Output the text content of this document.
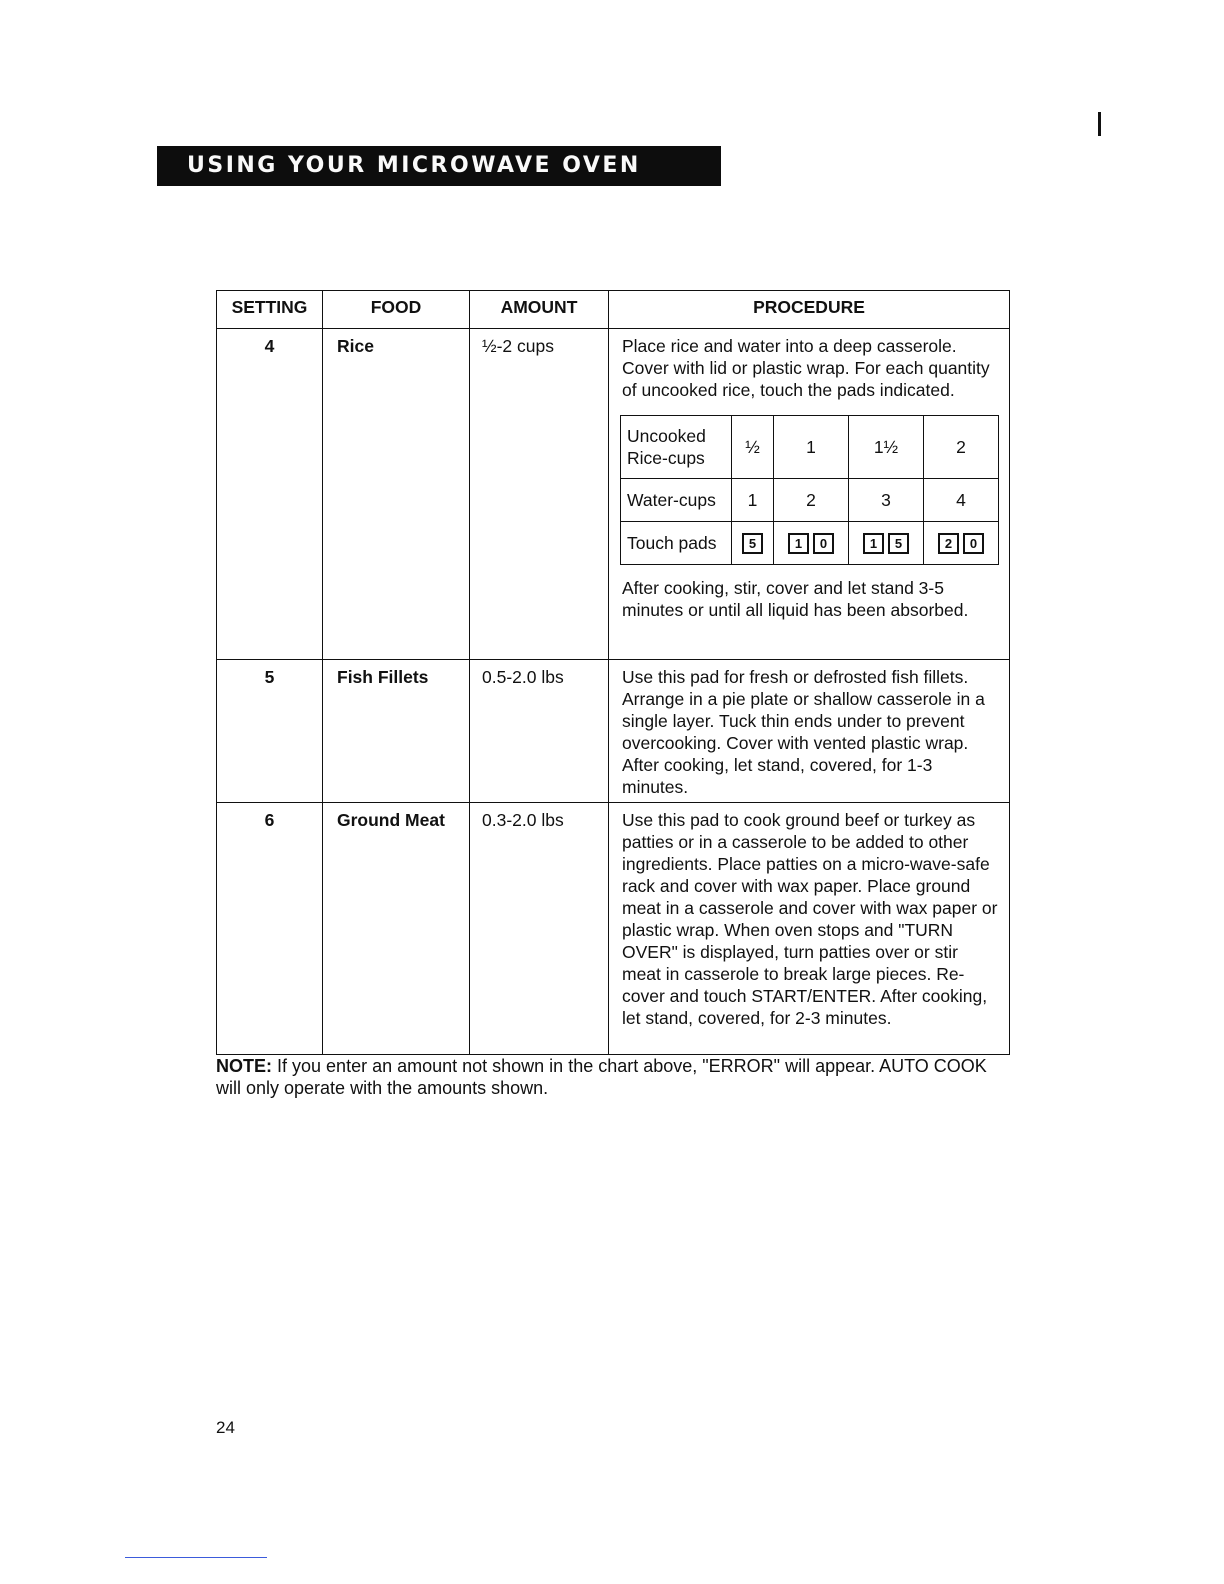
USING YOUR MICROWAVE OVEN
SETTING	FOOD	AMOUNT	PROCEDURE
4	Rice	½-2 cups	Place rice and water into a deep casserole. Cover with lid or plastic wrap. For each quantity of uncooked rice, touch the pads indicated.

Uncooked
Rice-cups	½	1	1½	2
Water-cups	1	2	3	4
Touch pads	5	1 0	1 5	2 0

After cooking, stir, cover and let stand 3-5 minutes or until all liquid has been absorbed.

5	Fish Fillets	0.5-2.0 lbs	Use this pad for fresh or defrosted fish fillets. Arrange in a pie plate or shallow casserole in a single layer. Tuck thin ends under to prevent overcooking. Cover with vented plastic wrap. After cooking, let stand, covered, for 1-3 minutes.

6	Ground Meat	0.3-2.0 lbs	Use this pad to cook ground beef or turkey as patties or in a casserole to be added to other ingredients. Place patties on a micro-wave-safe rack and cover with wax paper. Place ground meat in a casserole and cover with wax paper or plastic wrap. When oven stops and "TURN OVER" is displayed, turn patties over or stir meat in casserole to break large pieces. Re-cover and touch START/ENTER. After cooking, let stand, covered, for 2-3 minutes.

NOTE: If you enter an amount not shown in the chart above, "ERROR" will appear. AUTO COOK will only operate with the amounts shown.

24
